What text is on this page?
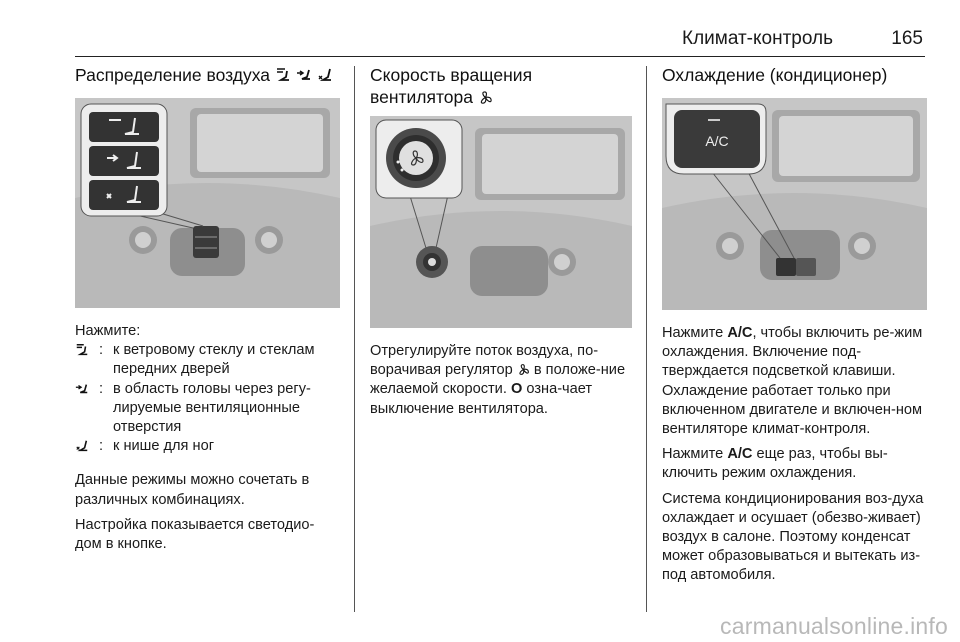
Климат-контроль	165
Распределение воздуха

Нажмите:

: к ветровому стеклу и стеклам передних дверей
: в область головы через регу-лируемые вентиляционные отверстия
: к нише для ног

Данные режимы можно сочетать в различных комбинациях.

Настройка показывается светодио-дом в кнопке.

Скорость вращения
вентилятора

Отрегулируйте поток воздуха, по-ворачивая регулятор в положе-ние желаемой скорости. O озна-чает выключение вентилятора.

Охлаждение (кондиционер)
A/C

Нажмите A/C, чтобы включить ре-жим охлаждения. Включение под-тверждается подсветкой клавиши. Охлаждение работает только при включенном двигателе и включен-ном вентиляторе климат-контроля.

Нажмите A/C еще раз, чтобы вы-ключить режим охлаждения.

Система кондиционирования воз-духа охлаждает и осушает (обезво-живает) воздух в салоне. Поэтому конденсат может образовываться и вытекать из-под автомобиля.

carmanualsonline.info
